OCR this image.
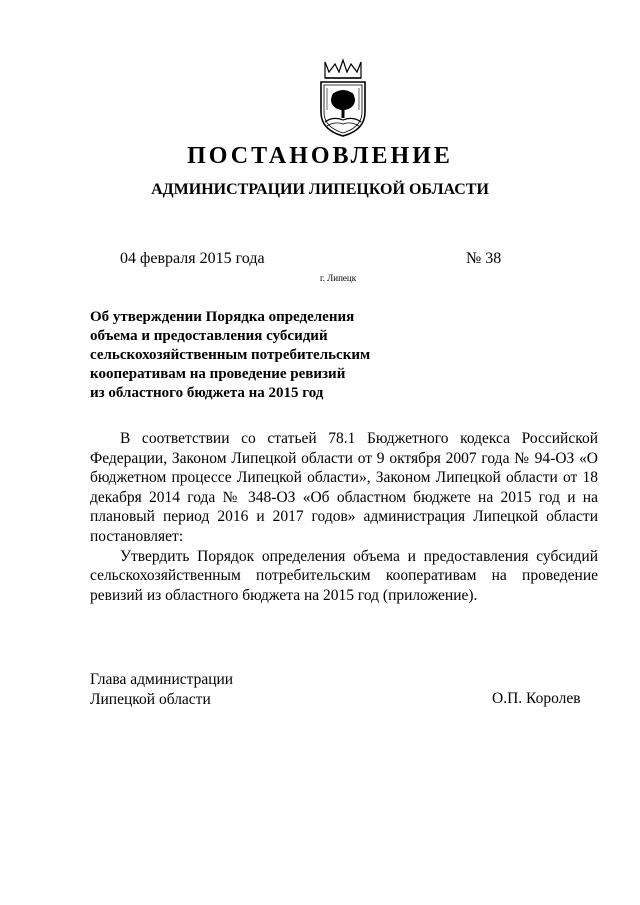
ПОСТАНОВЛЕНИЕ
АДМИНИСТРАЦИИ ЛИПЕЦКОЙ ОБЛАСТИ
04 февраля 2015 года	№ 38
г. Липецк
Об утверждении Порядка определения
объема и предоставления субсидий
сельскохозяйственным потребительским
кооперативам на проведение ревизий
из областного бюджета на 2015 год

В соответствии со статьей 78.1 Бюджетного кодекса Российской Федерации, Законом Липецкой области от 9 октября 2007 года № 94-ОЗ «О бюджетном процессе Липецкой области», Законом Липецкой области от 18 декабря 2014 года № 348-ОЗ «Об областном бюджете на 2015 год и на плановый период 2016 и 2017 годов» администрация Липецкой области постановляет:

Утвердить Порядок определения объема и предоставления субсидий сельскохозяйственным потребительским кооперативам на проведение ревизий из областного бюджета на 2015 год (приложение).

Глава администрации
Липецкой области	О.П. Королев
